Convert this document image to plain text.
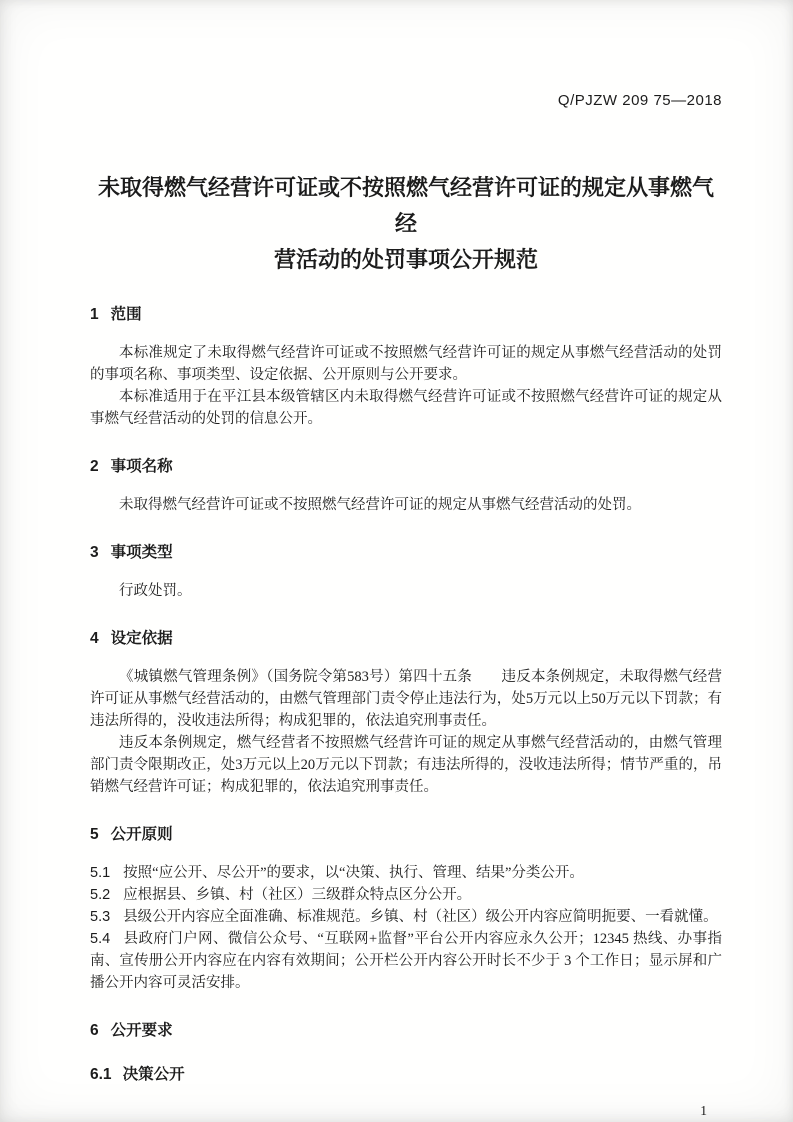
Q/PJZW 209 75—2018
未取得燃气经营许可证或不按照燃气经营许可证的规定从事燃气经
营活动的处罚事项公开规范
1 范围

本标准规定了未取得燃气经营许可证或不按照燃气经营许可证的规定从事燃气经营活动的处罚的事项名称、事项类型、设定依据、公开原则与公开要求。

本标准适用于在平江县本级管辖区内未取得燃气经营许可证或不按照燃气经营许可证的规定从事燃气经营活动的处罚的信息公开。

2 事项名称

未取得燃气经营许可证或不按照燃气经营许可证的规定从事燃气经营活动的处罚。

3 事项类型

行政处罚。

4 设定依据

《城镇燃气管理条例》（国务院令第583号）第四十五条　　违反本条例规定，未取得燃气经营许可证从事燃气经营活动的，由燃气管理部门责令停止违法行为，处5万元以上50万元以下罚款；有违法所得的，没收违法所得；构成犯罪的，依法追究刑事责任。

违反本条例规定，燃气经营者不按照燃气经营许可证的规定从事燃气经营活动的，由燃气管理部门责令限期改正，处3万元以上20万元以下罚款；有违法所得的，没收违法所得；情节严重的，吊销燃气经营许可证；构成犯罪的，依法追究刑事责任。

5 公开原则

5.1 按照“应公开、尽公开”的要求，以“决策、执行、管理、结果”分类公开。

5.2 应根据县、乡镇、村（社区）三级群众特点区分公开。

5.3 县级公开内容应全面准确、标准规范。乡镇、村（社区）级公开内容应简明扼要、一看就懂。

5.4 县政府门户网、微信公众号、“互联网+监督”平台公开内容应永久公开；12345 热线、办事指南、宣传册公开内容应在内容有效期间；公开栏公开内容公开时长不少于 3 个工作日；显示屏和广播公开内容可灵活安排。

6 公开要求
6.1 决策公开
1
